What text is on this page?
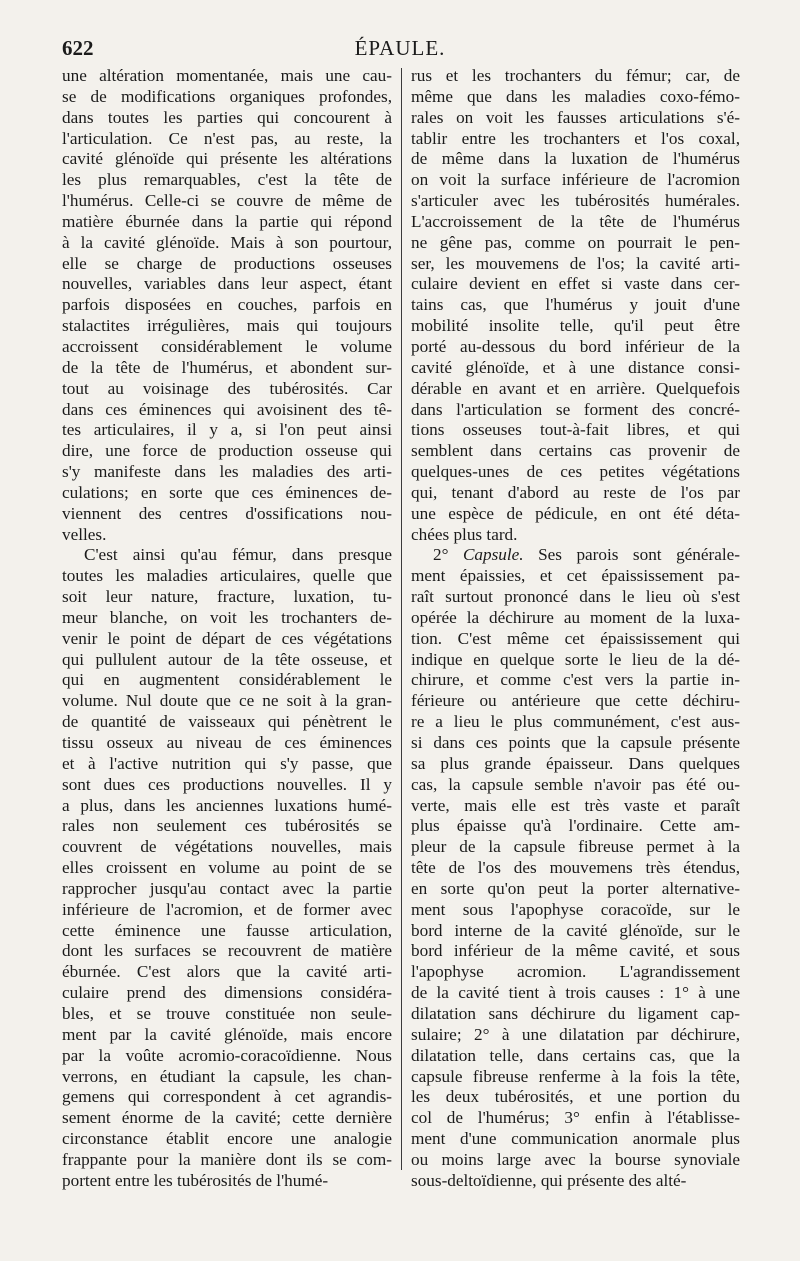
622	ÉPAULE.
une altération momentanée, mais une cau-
se de modifications organiques profondes,
dans toutes les parties qui concourent à
l'articulation. Ce n'est pas, au reste, la
cavité glénoïde qui présente les altérations
les plus remarquables, c'est la tête de
l'humérus. Celle-ci se couvre de même de
matière éburnée dans la partie qui répond
à la cavité glénoïde. Mais à son pourtour,
elle se charge de productions osseuses
nouvelles, variables dans leur aspect, étant
parfois disposées en couches, parfois en
stalactites irrégulières, mais qui toujours
accroissent considérablement le volume
de la tête de l'humérus, et abondent sur-
tout au voisinage des tubérosités. Car
dans ces éminences qui avoisinent des tê-
tes articulaires, il y a, si l'on peut ainsi
dire, une force de production osseuse qui
s'y manifeste dans les maladies des arti-
culations; en sorte que ces éminences de-
viennent des centres d'ossifications nou-
velles.
C'est ainsi qu'au fémur, dans presque
toutes les maladies articulaires, quelle que
soit leur nature, fracture, luxation, tu-
meur blanche, on voit les trochanters de-
venir le point de départ de ces végétations
qui pullulent autour de la tête osseuse, et
qui en augmentent considérablement le
volume. Nul doute que ce ne soit à la gran-
de quantité de vaisseaux qui pénètrent le
tissu osseux au niveau de ces éminences
et à l'active nutrition qui s'y passe, que
sont dues ces productions nouvelles. Il y
a plus, dans les anciennes luxations humé-
rales non seulement ces tubérosités se
couvrent de végétations nouvelles, mais
elles croissent en volume au point de se
rapprocher jusqu'au contact avec la partie
inférieure de l'acromion, et de former avec
cette éminence une fausse articulation,
dont les surfaces se recouvrent de matière
éburnée. C'est alors que la cavité arti-
culaire prend des dimensions considéra-
bles, et se trouve constituée non seule-
ment par la cavité glénoïde, mais encore
par la voûte acromio-coracoïdienne. Nous
verrons, en étudiant la capsule, les chan-
gemens qui correspondent à cet agrandis-
sement énorme de la cavité; cette dernière
circonstance établit encore une analogie
frappante pour la manière dont ils se com-
portent entre les tubérosités de l'humé-
rus et les trochanters du fémur; car, de
même que dans les maladies coxo-fémo-
rales on voit les fausses articulations s'é-
tablir entre les trochanters et l'os coxal,
de même dans la luxation de l'humérus
on voit la surface inférieure de l'acromion
s'articuler avec les tubérosités humérales.
L'accroissement de la tête de l'humérus
ne gêne pas, comme on pourrait le pen-
ser, les mouvemens de l'os; la cavité arti-
culaire devient en effet si vaste dans cer-
tains cas, que l'humérus y jouit d'une
mobilité insolite telle, qu'il peut être
porté au-dessous du bord inférieur de la
cavité glénoïde, et à une distance consi-
dérable en avant et en arrière. Quelquefois
dans l'articulation se forment des concré-
tions osseuses tout-à-fait libres, et qui
semblent dans certains cas provenir de
quelques-unes de ces petites végétations
qui, tenant d'abord au reste de l'os par
une espèce de pédicule, en ont été déta-
chées plus tard.
2° Capsule. Ses parois sont générale-
ment épaissies, et cet épaississement pa-
raît surtout prononcé dans le lieu où s'est
opérée la déchirure au moment de la luxa-
tion. C'est même cet épaississement qui
indique en quelque sorte le lieu de la dé-
chirure, et comme c'est vers la partie in-
férieure ou antérieure que cette déchiru-
re a lieu le plus communément, c'est aus-
si dans ces points que la capsule présente
sa plus grande épaisseur. Dans quelques
cas, la capsule semble n'avoir pas été ou-
verte, mais elle est très vaste et paraît
plus épaisse qu'à l'ordinaire. Cette am-
pleur de la capsule fibreuse permet à la
tête de l'os des mouvemens très étendus,
en sorte qu'on peut la porter alternative-
ment sous l'apophyse coracoïde, sur le
bord interne de la cavité glénoïde, sur le
bord inférieur de la même cavité, et sous
l'apophyse acromion. L'agrandissement
de la cavité tient à trois causes : 1° à une
dilatation sans déchirure du ligament cap-
sulaire; 2° à une dilatation par déchirure,
dilatation telle, dans certains cas, que la
capsule fibreuse renferme à la fois la tête,
les deux tubérosités, et une portion du
col de l'humérus; 3° enfin à l'établisse-
ment d'une communication anormale plus
ou moins large avec la bourse synoviale
sous-deltoïdienne, qui présente des alté-
